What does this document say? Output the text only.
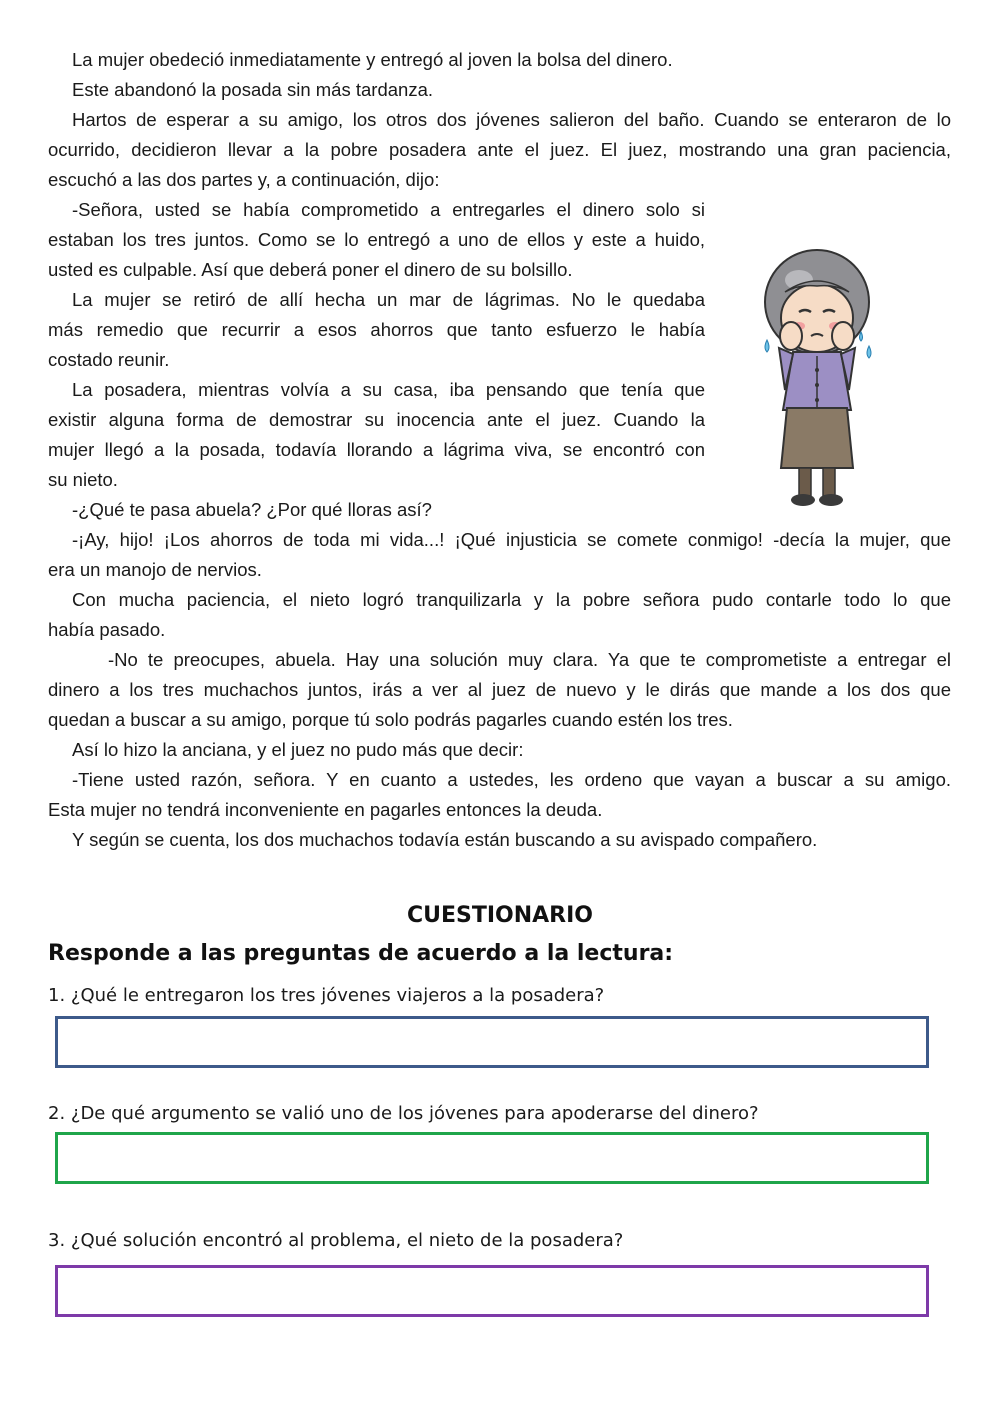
La mujer obedeció inmediatamente y entregó al joven la bolsa del dinero.
Este abandonó la posada sin más tardanza.
Hartos de esperar a su amigo, los otros dos jóvenes salieron del baño. Cuando se enteraron de lo
ocurrido, decidieron llevar a la pobre posadera ante el juez. El juez, mostrando una gran paciencia,
escuchó a las dos partes y, a continuación, dijo:
-Señora, usted se había comprometido a entregarles el dinero solo si
estaban los tres juntos. Como se lo entregó a uno de ellos y este a huido,
usted es culpable. Así que deberá poner el dinero de su bolsillo.
La mujer se retiró de allí hecha un mar de lágrimas. No le quedaba
más remedio que recurrir a esos ahorros que tanto esfuerzo le había
costado reunir.
La posadera, mientras volvía a su casa, iba pensando que tenía que
existir alguna forma de demostrar su inocencia ante el juez. Cuando la
mujer llegó a la posada, todavía llorando a lágrima viva, se encontró con
su nieto.
-¿Qué te pasa abuela? ¿Por qué lloras así?
-¡Ay, hijo! ¡Los ahorros de toda mi vida...! ¡Qué injusticia se comete conmigo! -decía la mujer, que
era un manojo de nervios.
Con mucha paciencia, el nieto logró tranquilizarla y la pobre señora pudo contarle todo lo que
había pasado.
-No te preocupes, abuela. Hay una solución muy clara. Ya que te comprometiste a entregar el
dinero a los tres muchachos juntos, irás a ver al juez de nuevo y le dirás que mande a los dos que
quedan a buscar a su amigo, porque tú solo podrás pagarles cuando estén los tres.
Así lo hizo la anciana, y el juez no pudo más que decir:
-Tiene usted razón, señora. Y en cuanto a ustedes, les ordeno que vayan a buscar a su amigo.
Esta mujer no tendrá inconveniente en pagarles entonces la deuda.
Y según se cuenta, los dos muchachos todavía están buscando a su avispado compañero.
CUESTIONARIO
Responde a las preguntas de acuerdo a la lectura:
1. ¿Qué le entregaron los tres jóvenes viajeros a la posadera?
2. ¿De qué argumento se valió uno de los jóvenes para apoderarse del dinero?
3. ¿Qué solución encontró al problema, el nieto de la posadera?
